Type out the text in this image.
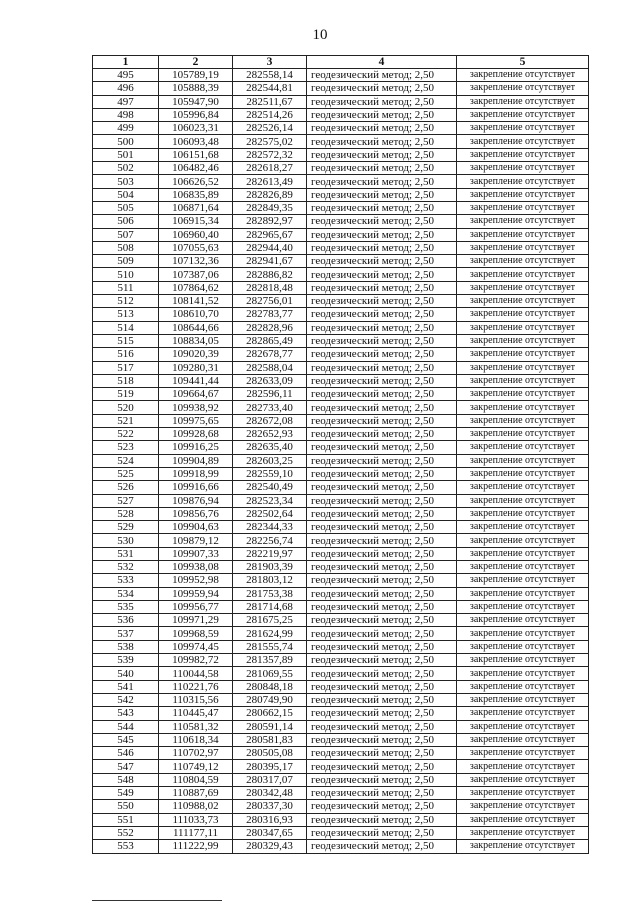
10
1	2	3	4	5
495	105789,19	282558,14	геодезический метод; 2,50	закрепление отсутствует
496	105888,39	282544,81	геодезический метод; 2,50	закрепление отсутствует
497	105947,90	282511,67	геодезический метод; 2,50	закрепление отсутствует
498	105996,84	282514,26	геодезический метод; 2,50	закрепление отсутствует
499	106023,31	282526,14	геодезический метод; 2,50	закрепление отсутствует
500	106093,48	282575,02	геодезический метод; 2,50	закрепление отсутствует
501	106151,68	282572,32	геодезический метод; 2,50	закрепление отсутствует
502	106482,46	282618,27	геодезический метод; 2,50	закрепление отсутствует
503	106626,52	282613,49	геодезический метод; 2,50	закрепление отсутствует
504	106835,89	282826,89	геодезический метод; 2,50	закрепление отсутствует
505	106871,64	282849,35	геодезический метод; 2,50	закрепление отсутствует
506	106915,34	282892,97	геодезический метод; 2,50	закрепление отсутствует
507	106960,40	282965,67	геодезический метод; 2,50	закрепление отсутствует
508	107055,63	282944,40	геодезический метод; 2,50	закрепление отсутствует
509	107132,36	282941,67	геодезический метод; 2,50	закрепление отсутствует
510	107387,06	282886,82	геодезический метод; 2,50	закрепление отсутствует
511	107864,62	282818,48	геодезический метод; 2,50	закрепление отсутствует
512	108141,52	282756,01	геодезический метод; 2,50	закрепление отсутствует
513	108610,70	282783,77	геодезический метод; 2,50	закрепление отсутствует
514	108644,66	282828,96	геодезический метод; 2,50	закрепление отсутствует
515	108834,05	282865,49	геодезический метод; 2,50	закрепление отсутствует
516	109020,39	282678,77	геодезический метод; 2,50	закрепление отсутствует
517	109280,31	282588,04	геодезический метод; 2,50	закрепление отсутствует
518	109441,44	282633,09	геодезический метод; 2,50	закрепление отсутствует
519	109664,67	282596,11	геодезический метод; 2,50	закрепление отсутствует
520	109938,92	282733,40	геодезический метод; 2,50	закрепление отсутствует
521	109975,65	282672,08	геодезический метод; 2,50	закрепление отсутствует
522	109928,68	282652,93	геодезический метод; 2,50	закрепление отсутствует
523	109916,25	282635,40	геодезический метод; 2,50	закрепление отсутствует
524	109904,89	282603,25	геодезический метод; 2,50	закрепление отсутствует
525	109918,99	282559,10	геодезический метод; 2,50	закрепление отсутствует
526	109916,66	282540,49	геодезический метод; 2,50	закрепление отсутствует
527	109876,94	282523,34	геодезический метод; 2,50	закрепление отсутствует
528	109856,76	282502,64	геодезический метод; 2,50	закрепление отсутствует
529	109904,63	282344,33	геодезический метод; 2,50	закрепление отсутствует
530	109879,12	282256,74	геодезический метод; 2,50	закрепление отсутствует
531	109907,33	282219,97	геодезический метод; 2,50	закрепление отсутствует
532	109938,08	281903,39	геодезический метод; 2,50	закрепление отсутствует
533	109952,98	281803,12	геодезический метод; 2,50	закрепление отсутствует
534	109959,94	281753,38	геодезический метод; 2,50	закрепление отсутствует
535	109956,77	281714,68	геодезический метод; 2,50	закрепление отсутствует
536	109971,29	281675,25	геодезический метод; 2,50	закрепление отсутствует
537	109968,59	281624,99	геодезический метод; 2,50	закрепление отсутствует
538	109974,45	281555,74	геодезический метод; 2,50	закрепление отсутствует
539	109982,72	281357,89	геодезический метод; 2,50	закрепление отсутствует
540	110044,58	281069,55	геодезический метод; 2,50	закрепление отсутствует
541	110221,76	280848,18	геодезический метод; 2,50	закрепление отсутствует
542	110315,56	280749,90	геодезический метод; 2,50	закрепление отсутствует
543	110445,47	280662,15	геодезический метод; 2,50	закрепление отсутствует
544	110581,32	280591,14	геодезический метод; 2,50	закрепление отсутствует
545	110618,34	280581,83	геодезический метод; 2,50	закрепление отсутствует
546	110702,97	280505,08	геодезический метод; 2,50	закрепление отсутствует
547	110749,12	280395,17	геодезический метод; 2,50	закрепление отсутствует
548	110804,59	280317,07	геодезический метод; 2,50	закрепление отсутствует
549	110887,69	280342,48	геодезический метод; 2,50	закрепление отсутствует
550	110988,02	280337,30	геодезический метод; 2,50	закрепление отсутствует
551	111033,73	280316,93	геодезический метод; 2,50	закрепление отсутствует
552	111177,11	280347,65	геодезический метод; 2,50	закрепление отсутствует
553	111222,99	280329,43	геодезический метод; 2,50	закрепление отсутствует
